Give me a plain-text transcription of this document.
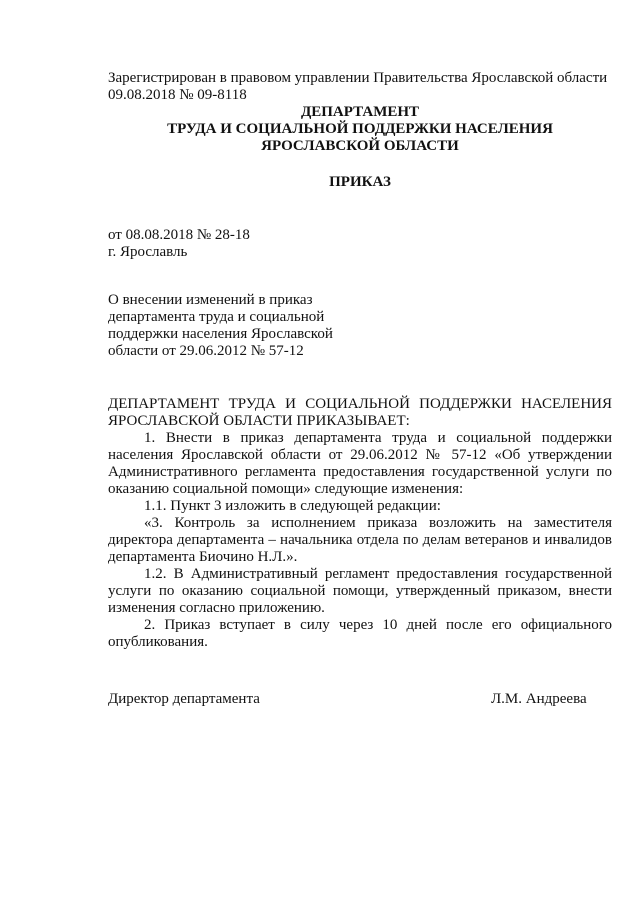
Зарегистрирован в правовом управлении Правительства Ярославской области
09.08.2018 № 09-8118
ДЕПАРТАМЕНТ
ТРУДА И СОЦИАЛЬНОЙ ПОДДЕРЖКИ НАСЕЛЕНИЯ
ЯРОСЛАВСКОЙ ОБЛАСТИ
ПРИКАЗ
от 08.08.2018 № 28-18
г. Ярославль
О внесении изменений в приказ
департамента труда и социальной
поддержки населения Ярославской
области от 29.06.2012 № 57-12

ДЕПАРТАМЕНТ ТРУДА И СОЦИАЛЬНОЙ ПОДДЕРЖКИ НАСЕЛЕНИЯ ЯРОСЛАВСКОЙ ОБЛАСТИ ПРИКАЗЫВАЕТ:

1. Внести в приказ департамента труда и социальной поддержки населения Ярославской области от 29.06.2012 № 57-12 «Об утверждении Административного регламента предоставления государственной услуги по оказанию социальной помощи» следующие изменения:

1.1. Пункт 3 изложить в следующей редакции:

«3. Контроль за исполнением приказа возложить на заместителя директора департамента – начальника отдела по делам ветеранов и инвалидов департамента Биочино Н.Л.».

1.2. В Административный регламент предоставления государственной услуги по оказанию социальной помощи, утвержденный приказом, внести изменения согласно приложению.

2. Приказ вступает в силу через 10 дней после его официального опубликования.

Директор департамента	Л.М. Андреева
